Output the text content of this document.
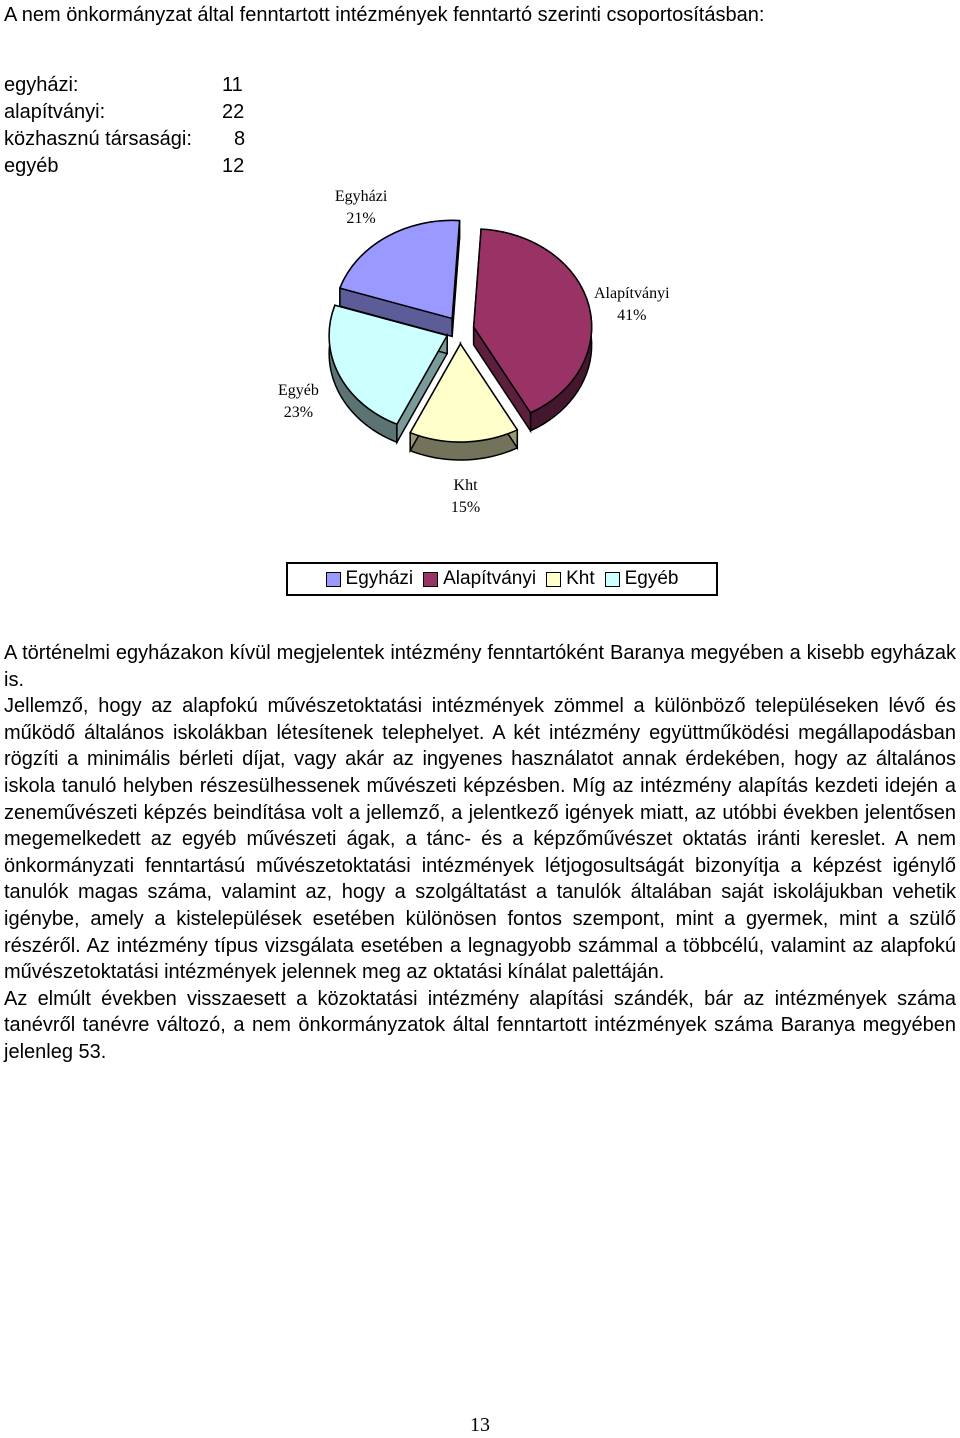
A nem önkormányzat által fenntartott intézmények fenntartó szerinti csoportosításban:
egyházi:	11
alapítványi:	22
közhasznú társasági: 8
egyéb	12
Egyházi
21%
Alapítványi
41%
Kht
15%
Egyéb
23%
Egyházi Alapítványi Kht Egyéb

A történelmi egyházakon kívül megjelentek intézmény fenntartóként Baranya megyében a kisebb egyházak is.

Jellemző, hogy az alapfokú művészetoktatási intézmények zömmel a különböző településeken lévő és működő általános iskolákban létesítenek telephelyet. A két intézmény együttműködési megállapodásban rögzíti a minimális bérleti díjat, vagy akár az ingyenes használatot annak érdekében, hogy az általános iskola tanuló helyben részesülhessenek művészeti képzésben. Míg az intézmény alapítás kezdeti idején a zeneművészeti képzés beindítása volt a jellemző, a jelentkező igények miatt, az utóbbi években jelentősen megemelkedett az egyéb művészeti ágak, a tánc- és a képzőművészet oktatás iránti kereslet. A nem önkormányzati fenntartású művészetoktatási intézmények létjogosultságát bizonyítja a képzést igénylő tanulók magas száma, valamint az, hogy a szolgáltatást a tanulók általában saját iskolájukban vehetik igénybe, amely a kistelepülések esetében különösen fontos szempont, mint a gyermek, mint a szülő részéről. Az intézmény típus vizsgálata esetében a legnagyobb számmal a többcélú, valamint az alapfokú művészetoktatási intézmények jelennek meg az oktatási kínálat palettáján.

Az elmúlt években visszaesett a közoktatási intézmény alapítási szándék, bár az intézmények száma tanévről tanévre változó, a nem önkormányzatok által fenntartott intézmények száma Baranya megyében jelenleg 53.

13
